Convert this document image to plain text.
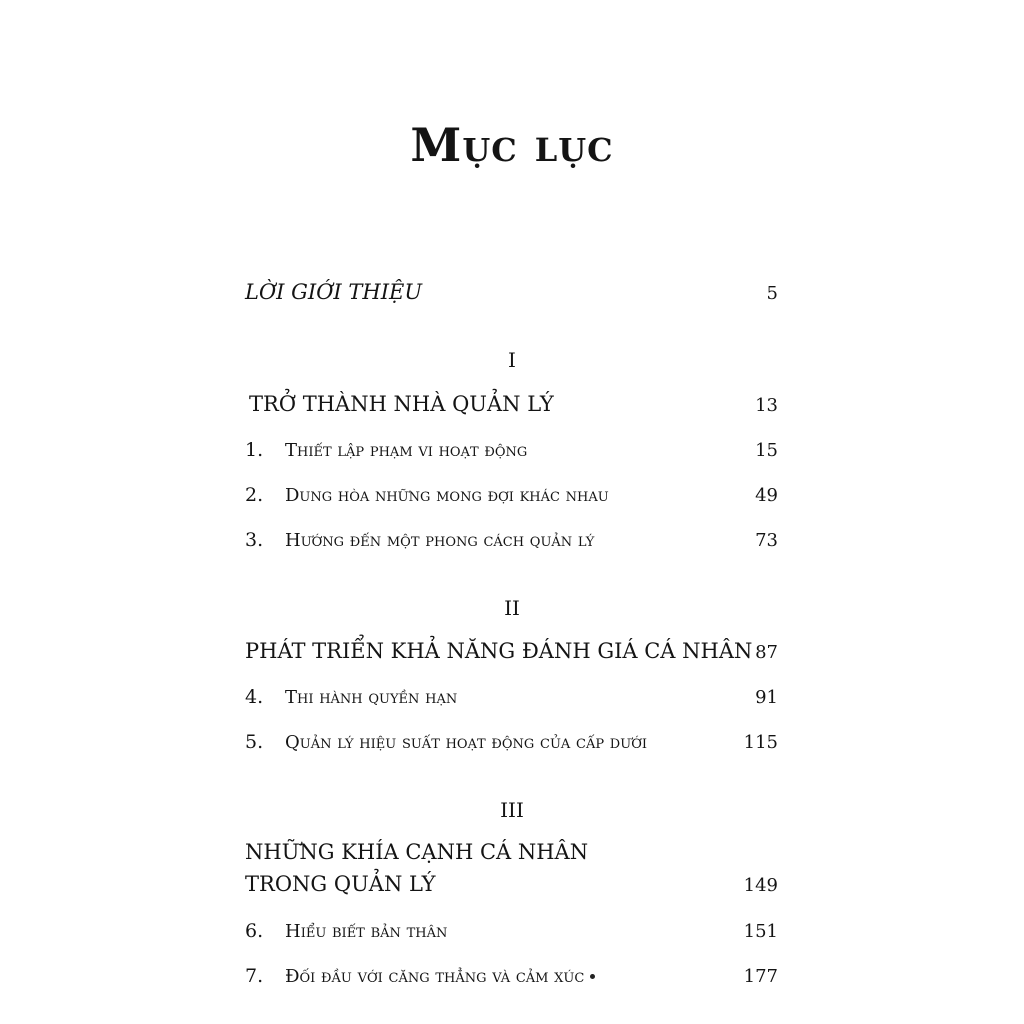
Mục lục
LỜI GIỚI THIỆU	5
I
TRỞ THÀNH NHÀ QUẢN LÝ	13
1. Thiết lập phạm vi hoạt động	15
2. Dung hòa những mong đợi khác nhau	49
3. Hướng đến một phong cách quản lý	73
II
PHÁT TRIỂN KHẢ NĂNG ĐÁNH GIÁ CÁ NHÂN 87
4. Thi hành quyền hạn	91
5. Quản lý hiệu suất hoạt động của cấp dưới	115
III
NHỮNG KHÍA CẠNH CÁ NHÂN
TRONG QUẢN LÝ	149
6. Hiểu biết bản thân	151
7. Đối đầu với căng thẳng và cảm xúc	177
